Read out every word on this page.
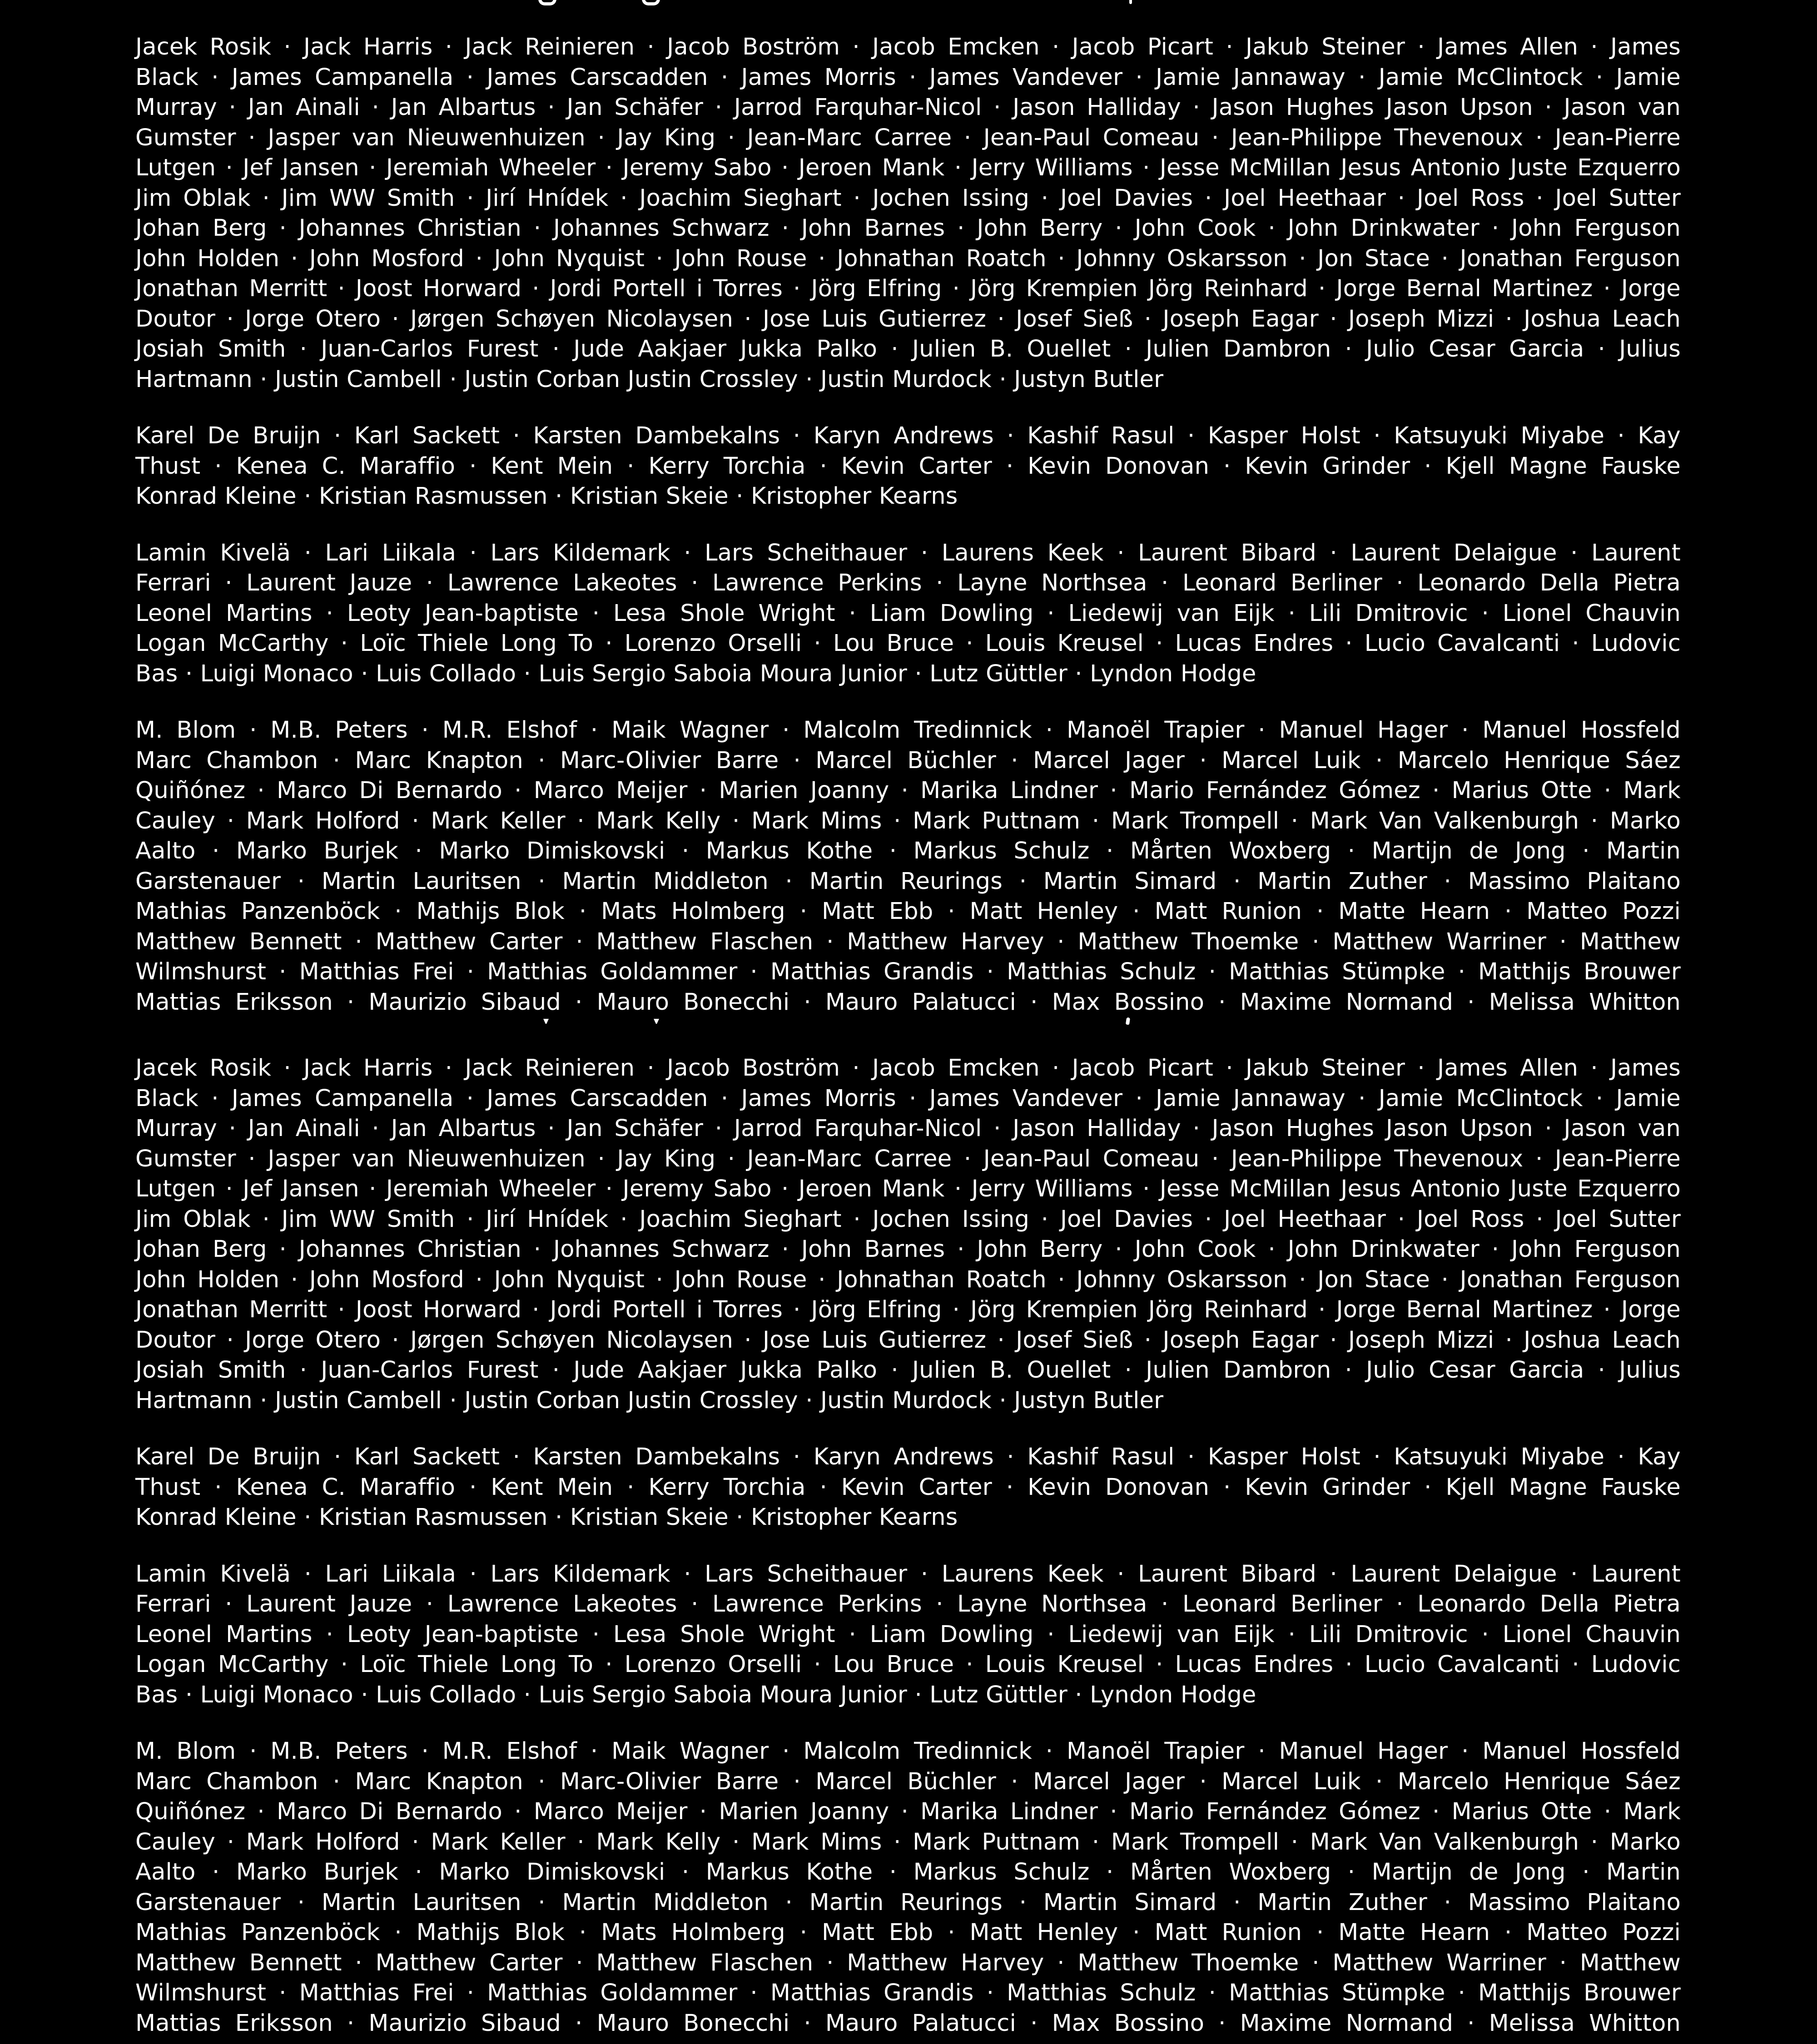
Jacek Rosik · Jack Harris · Jack Reinieren · Jacob Boström · Jacob Emcken · Jacob Picart · Jakub Steiner · James Allen · James
Black · James Campanella · James Carscadden · James Morris · James Vandever · Jamie Jannaway · Jamie McClintock · Jamie
Murray · Jan Ainali · Jan Albartus · Jan Schäfer · Jarrod Farquhar-Nicol · Jason Halliday · Jason Hughes Jason Upson · Jason van
Gumster · Jasper van Nieuwenhuizen · Jay King · Jean-Marc Carree · Jean-Paul Comeau · Jean-Philippe Thevenoux · Jean-Pierre
Lutgen · Jef Jansen · Jeremiah Wheeler · Jeremy Sabo · Jeroen Mank · Jerry Williams · Jesse McMillan Jesus Antonio Juste Ezquerro
Jim Oblak · Jim WW Smith · Jirí Hnídek · Joachim Sieghart · Jochen Issing · Joel Davies · Joel Heethaar · Joel Ross · Joel Sutter
Johan Berg · Johannes Christian · Johannes Schwarz · John Barnes · John Berry · John Cook · John Drinkwater · John Ferguson
John Holden · John Mosford · John Nyquist · John Rouse · Johnathan Roatch · Johnny Oskarsson · Jon Stace · Jonathan Ferguson
Jonathan Merritt · Joost Horward · Jordi Portell i Torres · Jörg Elfring · Jörg Krempien Jörg Reinhard · Jorge Bernal Martinez · Jorge
Doutor · Jorge Otero · Jørgen Schøyen Nicolaysen · Jose Luis Gutierrez · Josef Sieß · Joseph Eagar · Joseph Mizzi · Joshua Leach
Josiah Smith · Juan-Carlos Furest · Jude Aakjaer Jukka Palko · Julien B. Ouellet · Julien Dambron · Julio Cesar Garcia · Julius
Hartmann · Justin Cambell · Justin Corban Justin Crossley · Justin Murdock · Justyn Butler
Karel De Bruijn · Karl Sackett · Karsten Dambekalns · Karyn Andrews · Kashif Rasul · Kasper Holst · Katsuyuki Miyabe · Kay
Thust · Kenea C. Maraffio · Kent Mein · Kerry Torchia · Kevin Carter · Kevin Donovan · Kevin Grinder · Kjell Magne Fauske
Konrad Kleine · Kristian Rasmussen · Kristian Skeie · Kristopher Kearns
Lamin Kivelä · Lari Liikala · Lars Kildemark · Lars Scheithauer · Laurens Keek · Laurent Bibard · Laurent Delaigue · Laurent
Ferrari · Laurent Jauze · Lawrence Lakeotes · Lawrence Perkins · Layne Northsea · Leonard Berliner · Leonardo Della Pietra
Leonel Martins · Leoty Jean-baptiste · Lesa Shole Wright · Liam Dowling · Liedewij van Eijk · Lili Dmitrovic · Lionel Chauvin
Logan McCarthy · Loïc Thiele Long To · Lorenzo Orselli · Lou Bruce · Louis Kreusel · Lucas Endres · Lucio Cavalcanti · Ludovic
Bas · Luigi Monaco · Luis Collado · Luis Sergio Saboia Moura Junior · Lutz Güttler · Lyndon Hodge
M. Blom · M.B. Peters · M.R. Elshof · Maik Wagner · Malcolm Tredinnick · Manoël Trapier · Manuel Hager · Manuel Hossfeld
Marc Chambon · Marc Knapton · Marc-Olivier Barre · Marcel Büchler · Marcel Jager · Marcel Luik · Marcelo Henrique Sáez
Quiñónez · Marco Di Bernardo · Marco Meijer · Marien Joanny · Marika Lindner · Mario Fernández Gómez · Marius Otte · Mark
Cauley · Mark Holford · Mark Keller · Mark Kelly · Mark Mims · Mark Puttnam · Mark Trompell · Mark Van Valkenburgh · Marko
Aalto · Marko Burjek · Marko Dimiskovski · Markus Kothe · Markus Schulz · Mårten Woxberg · Martijn de Jong · Martin
Garstenauer · Martin Lauritsen · Martin Middleton · Martin Reurings · Martin Simard · Martin Zuther · Massimo Plaitano
Mathias Panzenböck · Mathijs Blok · Mats Holmberg · Matt Ebb · Matt Henley · Matt Runion · Matte Hearn · Matteo Pozzi
Matthew Bennett · Matthew Carter · Matthew Flaschen · Matthew Harvey · Matthew Thoemke · Matthew Warriner · Matthew
Wilmshurst · Matthias Frei · Matthias Goldammer · Matthias Grandis · Matthias Schulz · Matthias Stümpke · Matthijs Brouwer
Mattias Eriksson · Maurizio Sibaud · Mauro Bonecchi · Mauro Palatucci · Max Bossino · Maxime Normand · Melissa Whitton
Jacek Rosik · Jack Harris · Jack Reinieren · Jacob Boström · Jacob Emcken · Jacob Picart · Jakub Steiner · James Allen · James
Black · James Campanella · James Carscadden · James Morris · James Vandever · Jamie Jannaway · Jamie McClintock · Jamie
Murray · Jan Ainali · Jan Albartus · Jan Schäfer · Jarrod Farquhar-Nicol · Jason Halliday · Jason Hughes Jason Upson · Jason van
Gumster · Jasper van Nieuwenhuizen · Jay King · Jean-Marc Carree · Jean-Paul Comeau · Jean-Philippe Thevenoux · Jean-Pierre
Lutgen · Jef Jansen · Jeremiah Wheeler · Jeremy Sabo · Jeroen Mank · Jerry Williams · Jesse McMillan Jesus Antonio Juste Ezquerro
Jim Oblak · Jim WW Smith · Jirí Hnídek · Joachim Sieghart · Jochen Issing · Joel Davies · Joel Heethaar · Joel Ross · Joel Sutter
Johan Berg · Johannes Christian · Johannes Schwarz · John Barnes · John Berry · John Cook · John Drinkwater · John Ferguson
John Holden · John Mosford · John Nyquist · John Rouse · Johnathan Roatch · Johnny Oskarsson · Jon Stace · Jonathan Ferguson
Jonathan Merritt · Joost Horward · Jordi Portell i Torres · Jörg Elfring · Jörg Krempien Jörg Reinhard · Jorge Bernal Martinez · Jorge
Doutor · Jorge Otero · Jørgen Schøyen Nicolaysen · Jose Luis Gutierrez · Josef Sieß · Joseph Eagar · Joseph Mizzi · Joshua Leach
Josiah Smith · Juan-Carlos Furest · Jude Aakjaer Jukka Palko · Julien B. Ouellet · Julien Dambron · Julio Cesar Garcia · Julius
Hartmann · Justin Cambell · Justin Corban Justin Crossley · Justin Murdock · Justyn Butler
Karel De Bruijn · Karl Sackett · Karsten Dambekalns · Karyn Andrews · Kashif Rasul · Kasper Holst · Katsuyuki Miyabe · Kay
Thust · Kenea C. Maraffio · Kent Mein · Kerry Torchia · Kevin Carter · Kevin Donovan · Kevin Grinder · Kjell Magne Fauske
Konrad Kleine · Kristian Rasmussen · Kristian Skeie · Kristopher Kearns
Lamin Kivelä · Lari Liikala · Lars Kildemark · Lars Scheithauer · Laurens Keek · Laurent Bibard · Laurent Delaigue · Laurent
Ferrari · Laurent Jauze · Lawrence Lakeotes · Lawrence Perkins · Layne Northsea · Leonard Berliner · Leonardo Della Pietra
Leonel Martins · Leoty Jean-baptiste · Lesa Shole Wright · Liam Dowling · Liedewij van Eijk · Lili Dmitrovic · Lionel Chauvin
Logan McCarthy · Loïc Thiele Long To · Lorenzo Orselli · Lou Bruce · Louis Kreusel · Lucas Endres · Lucio Cavalcanti · Ludovic
Bas · Luigi Monaco · Luis Collado · Luis Sergio Saboia Moura Junior · Lutz Güttler · Lyndon Hodge
M. Blom · M.B. Peters · M.R. Elshof · Maik Wagner · Malcolm Tredinnick · Manoël Trapier · Manuel Hager · Manuel Hossfeld
Marc Chambon · Marc Knapton · Marc-Olivier Barre · Marcel Büchler · Marcel Jager · Marcel Luik · Marcelo Henrique Sáez
Quiñónez · Marco Di Bernardo · Marco Meijer · Marien Joanny · Marika Lindner · Mario Fernández Gómez · Marius Otte · Mark
Cauley · Mark Holford · Mark Keller · Mark Kelly · Mark Mims · Mark Puttnam · Mark Trompell · Mark Van Valkenburgh · Marko
Aalto · Marko Burjek · Marko Dimiskovski · Markus Kothe · Markus Schulz · Mårten Woxberg · Martijn de Jong · Martin
Garstenauer · Martin Lauritsen · Martin Middleton · Martin Reurings · Martin Simard · Martin Zuther · Massimo Plaitano
Mathias Panzenböck · Mathijs Blok · Mats Holmberg · Matt Ebb · Matt Henley · Matt Runion · Matte Hearn · Matteo Pozzi
Matthew Bennett · Matthew Carter · Matthew Flaschen · Matthew Harvey · Matthew Thoemke · Matthew Warriner · Matthew
Wilmshurst · Matthias Frei · Matthias Goldammer · Matthias Grandis · Matthias Schulz · Matthias Stümpke · Matthijs Brouwer
Mattias Eriksson · Maurizio Sibaud · Mauro Bonecchi · Mauro Palatucci · Max Bossino · Maxime Normand · Melissa Whitton
